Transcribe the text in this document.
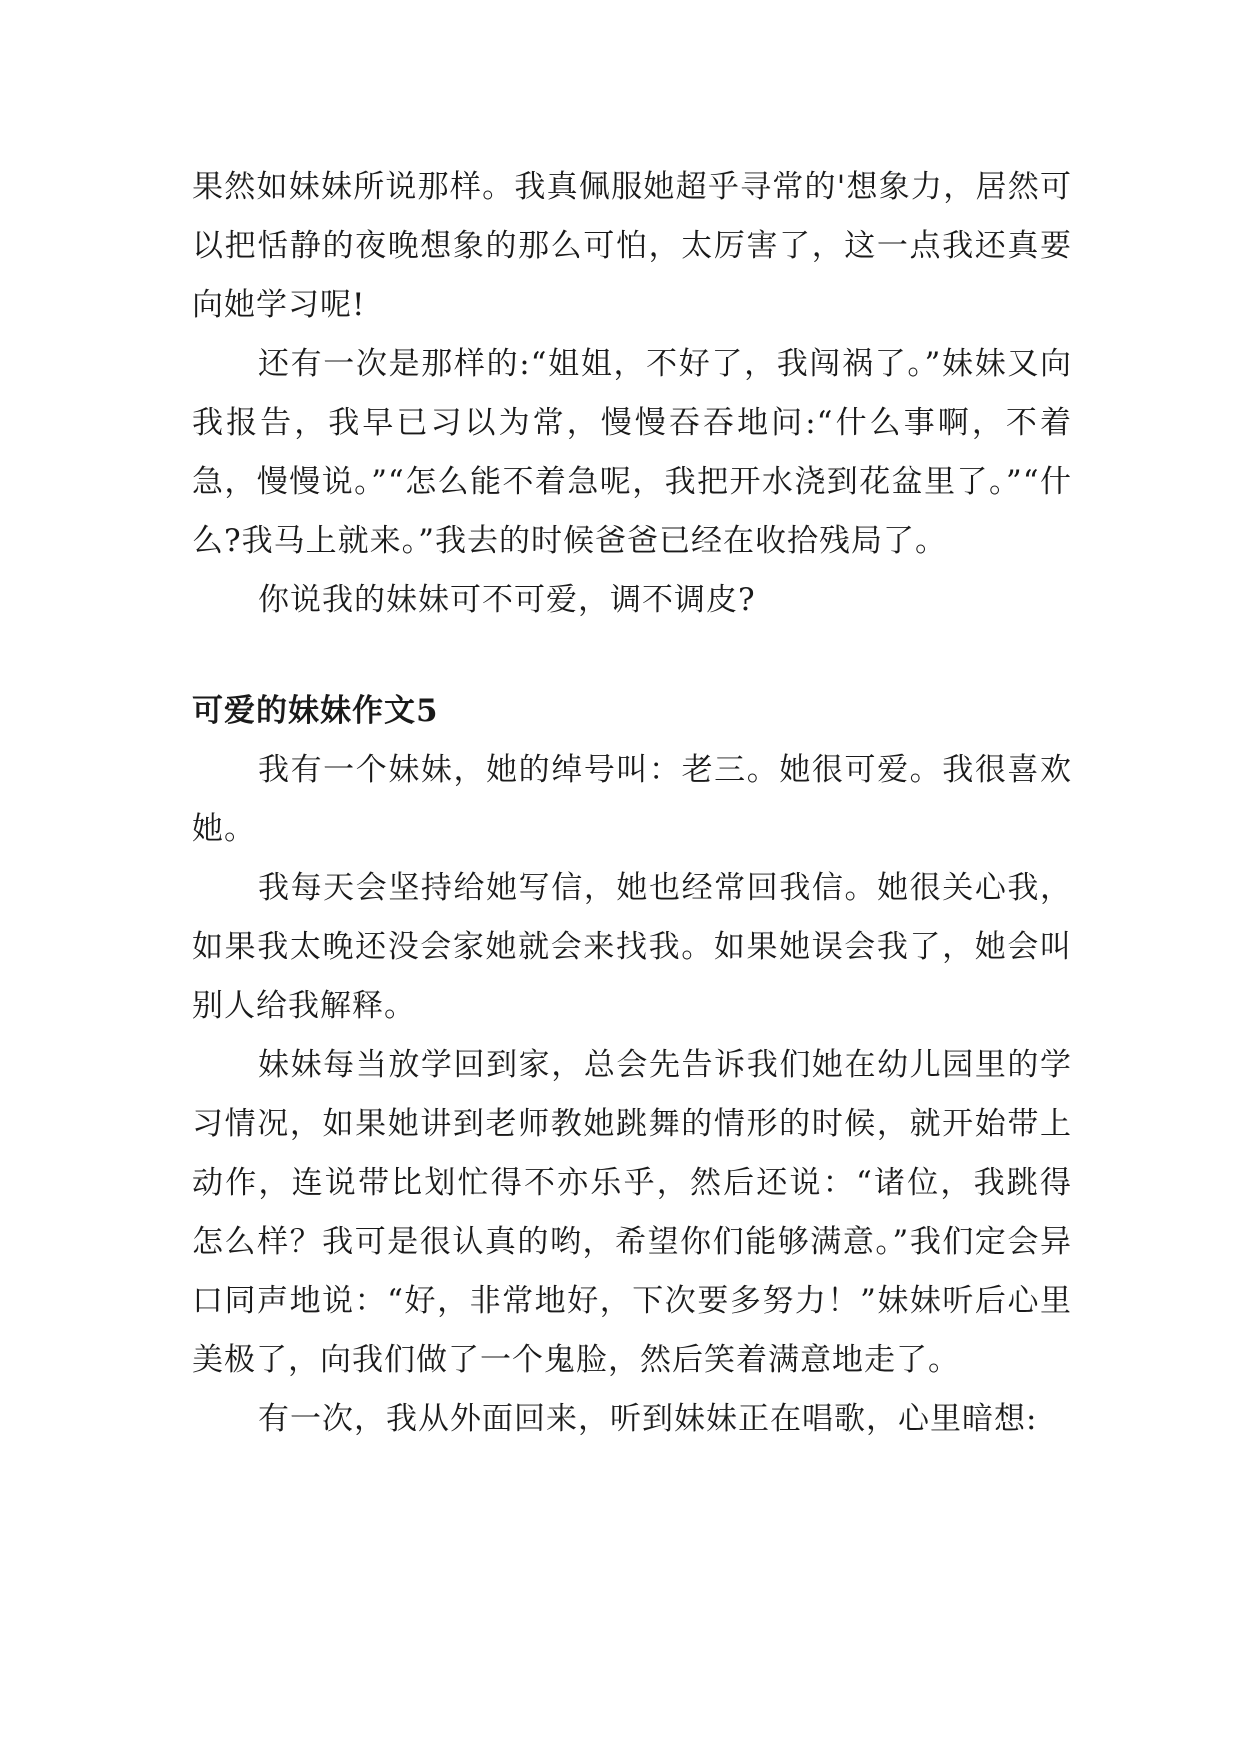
果然如妹妹所说那样。我真佩服她超乎寻常的'想象力，居然可以把恬静的夜晚想象的那么可怕，太厉害了，这一点我还真要向她学习呢!

还有一次是那样的:“姐姐，不好了，我闯祸了。”妹妹又向我报告，我早已习以为常，慢慢吞吞地问:“什么事啊，不着急，慢慢说。”“怎么能不着急呢，我把开水浇到花盆里了。”“什么?我马上就来。”我去的时候爸爸已经在收拾残局了。

你说我的妹妹可不可爱，调不调皮?

可爱的妹妹作文5

我有一个妹妹，她的绰号叫：老三。她很可爱。我很喜欢她。

我每天会坚持给她写信，她也经常回我信。她很关心我，如果我太晚还没会家她就会来找我。如果她误会我了，她会叫别人给我解释。

妹妹每当放学回到家，总会先告诉我们她在幼儿园里的学习情况，如果她讲到老师教她跳舞的情形的时候，就开始带上动作，连说带比划忙得不亦乐乎，然后还说：“诸位，我跳得怎么样？我可是很认真的哟，希望你们能够满意。”我们定会异口同声地说：“好，非常地好，下次要多努力！”妹妹听后心里美极了，向我们做了一个鬼脸，然后笑着满意地走了。

有一次，我从外面回来，听到妹妹正在唱歌，心里暗想:
